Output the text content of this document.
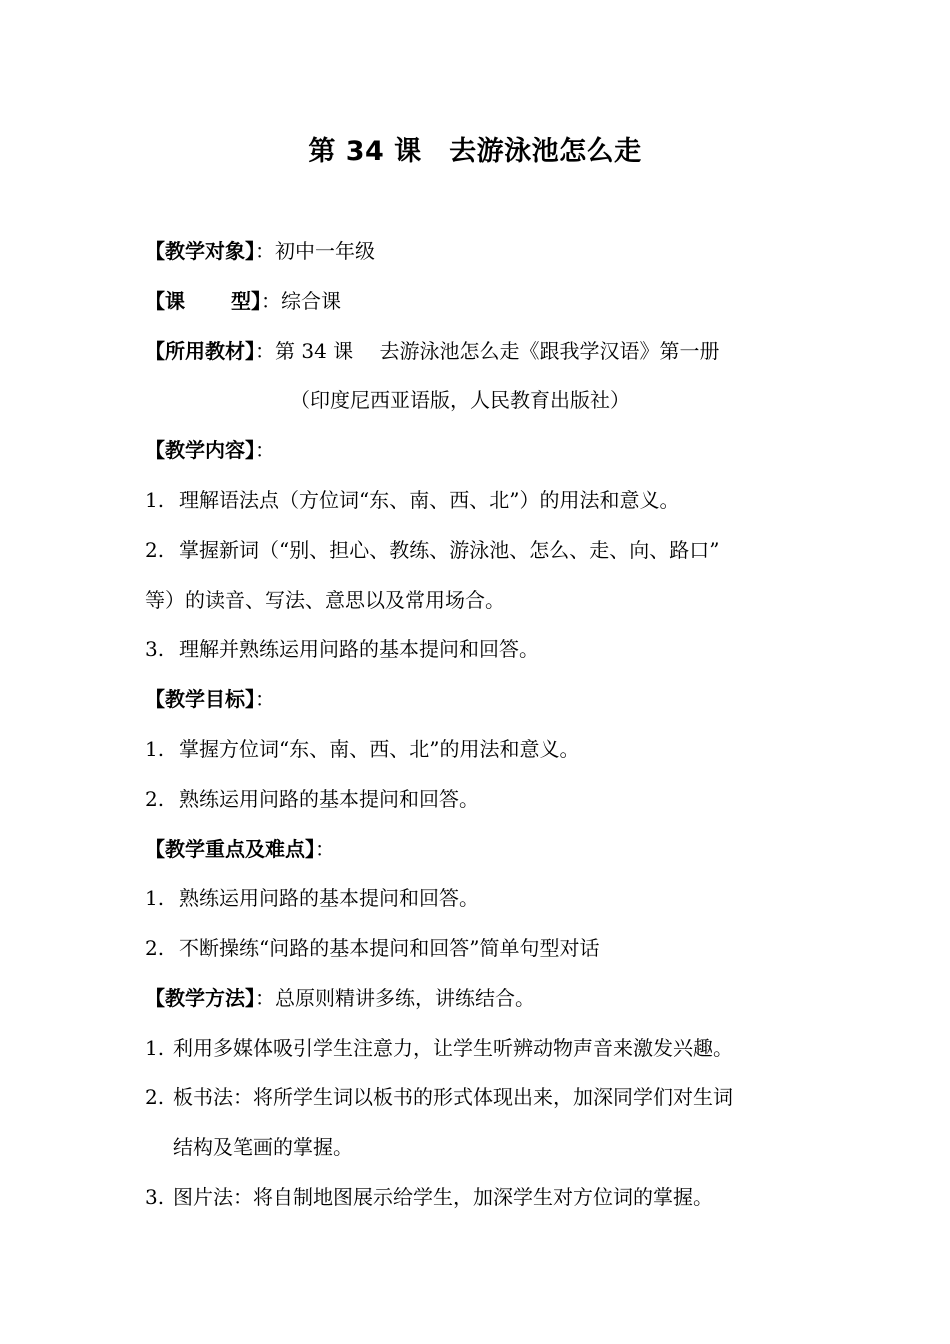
第 34 课　去游泳池怎么走
【教学对象】：初中一年级
【课 型】：综合课
【所用教材】：第 34 课　 去游泳池怎么走《跟我学汉语》第一册
（印度尼西亚语版，人民教育出版社）
【教学内容】：
1. 理解语法点（方位词“东、南、西、北”）的用法和意义。
2. 掌握新词（“别、担心、教练、游泳池、怎么、走、向、路口”
等）的读音、写法、意思以及常用场合。
3. 理解并熟练运用问路的基本提问和回答。
【教学目标】：
1. 掌握方位词“东、南、西、北”的用法和意义。
2. 熟练运用问路的基本提问和回答。
【教学重点及难点】：
1. 熟练运用问路的基本提问和回答。
2. 不断操练“问路的基本提问和回答”简单句型对话
【教学方法】：总原则精讲多练，讲练结合。
1. 利用多媒体吸引学生注意力，让学生听辨动物声音来激发兴趣。
2. 板书法：将所学生词以板书的形式体现出来，加深同学们对生词
结构及笔画的掌握。
3. 图片法：将自制地图展示给学生，加深学生对方位词的掌握。
